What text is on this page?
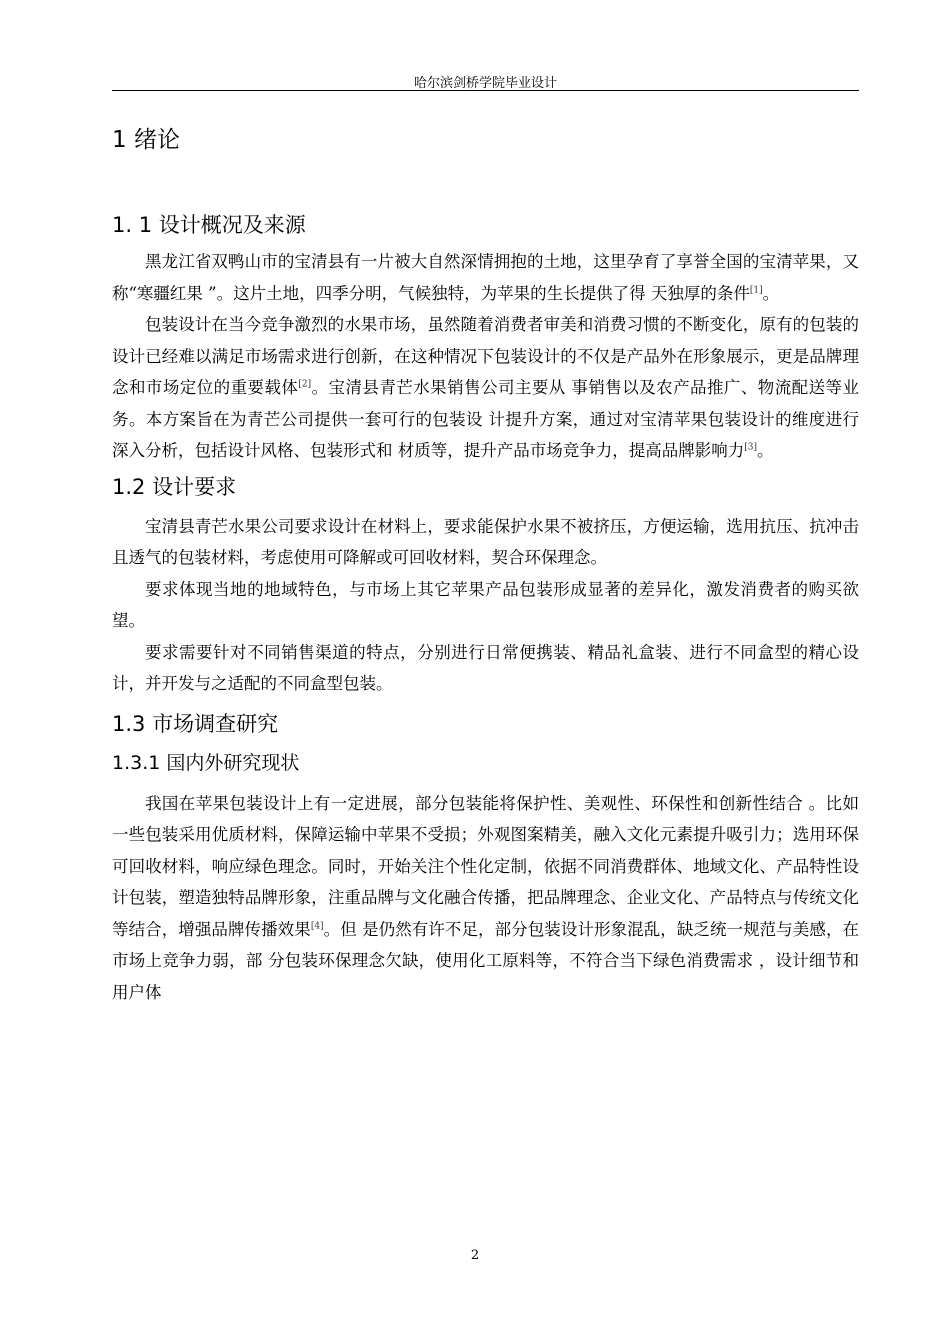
哈尔滨剑桥学院毕业设计
1 绪论
1. 1 设计概况及来源

黑龙江省双鸭山市的宝清县有一片被大自然深情拥抱的土地，这里孕育了享誉全国的宝清苹果，又称“寒疆红果 ”。这片土地，四季分明，气候独特，为苹果的生长提供了得 天独厚的条件[1]。

包装设计在当今竞争激烈的水果市场，虽然随着消费者审美和消费习惯的不断变化，原有的包装的设计已经难以满足市场需求进行创新，在这种情况下包装设计的不仅是产品外在形象展示，更是品牌理念和市场定位的重要载体[2]。宝清县青芒水果销售公司主要从 事销售以及农产品推广、物流配送等业务。本方案旨在为青芒公司提供一套可行的包装设 计提升方案，通过对宝清苹果包装设计的维度进行深入分析，包括设计风格、包装形式和 材质等，提升产品市场竞争力，提高品牌影响力[3]。

1.2 设计要求

宝清县青芒水果公司要求设计在材料上，要求能保护水果不被挤压，方便运输，选用抗压、抗冲击且透气的包装材料，考虑使用可降解或可回收材料，契合环保理念。

要求体现当地的地域特色，与市场上其它苹果产品包装形成显著的差异化，激发消费者的购买欲望。

要求需要针对不同销售渠道的特点，分别进行日常便携装、精品礼盒装、进行不同盒型的精心设计，并开发与之适配的不同盒型包装。

1.3 市场调查研究
1.3.1 国内外研究现状

我国在苹果包装设计上有一定进展，部分包装能将保护性、美观性、环保性和创新性结合 。比如一些包装采用优质材料，保障运输中苹果不受损；外观图案精美，融入文化元素提升吸引力；选用环保可回收材料，响应绿色理念。同时，开始关注个性化定制，依据不同消费群体、地域文化、产品特性设计包装，塑造独特品牌形象，注重品牌与文化融合传播，把品牌理念、企业文化、产品特点与传统文化等结合，增强品牌传播效果[4]。但 是仍然有许不足，部分包装设计形象混乱，缺乏统一规范与美感，在市场上竞争力弱，部 分包装环保理念欠缺，使用化工原料等，不符合当下绿色消费需求 ，设计细节和用户体

2
